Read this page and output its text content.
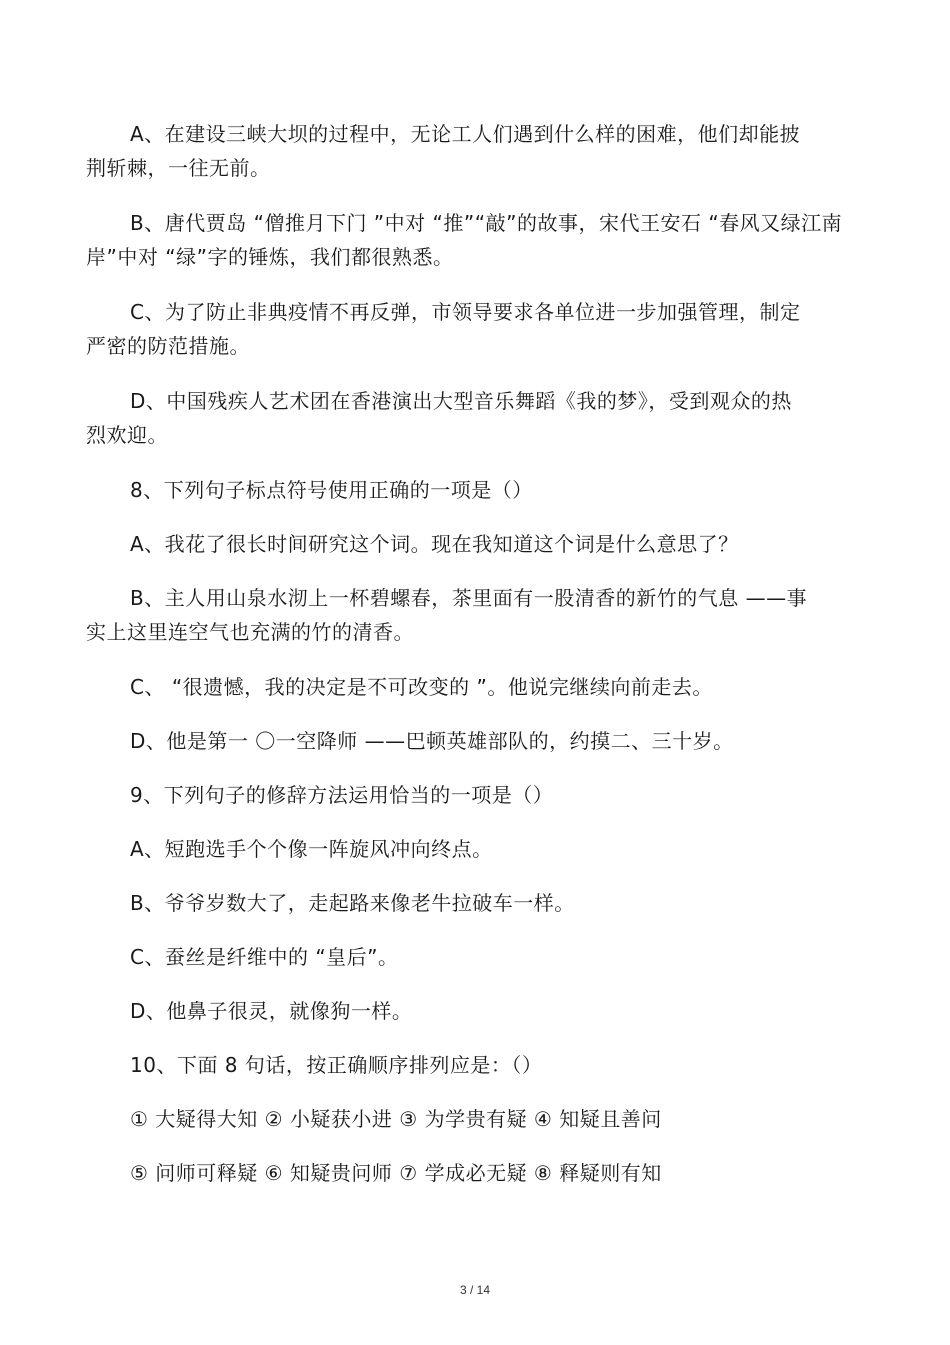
A、在建设三峡大坝的过程中，无论工人们遇到什么样的困难，他们却能披
荆斩棘，一往无前。
B、唐代贾岛 “僧推月下门 ”中对 “推”“敲”的故事，宋代王安石 “春风又绿江南
岸”中对 “绿”字的锤炼，我们都很熟悉。
C、为了防止非典疫情不再反弹，市领导要求各单位进一步加强管理，制定
严密的防范措施。
D、中国残疾人艺术团在香港演出大型音乐舞蹈《我的梦》，受到观众的热
烈欢迎。
8、下列句子标点符号使用正确的一项是（）
A、我花了很长时间研究这个词。现在我知道这个词是什么意思了？
B、主人用山泉水沏上一杯碧螺春，茶里面有一股清香的新竹的气息 ——事
实上这里连空气也充满的竹的清香。
C、 “很遗憾，我的决定是不可改变的 ”。他说完继续向前走去。
D、他是第一 〇一空降师 ——巴顿英雄部队的，约摸二、三十岁。
9、下列句子的修辞方法运用恰当的一项是（）
A、短跑选手个个像一阵旋风冲向终点。
B、爷爷岁数大了，走起路来像老牛拉破车一样。
C、蚕丝是纤维中的 “皇后”。
D、他鼻子很灵，就像狗一样。
10、下面 8 句话，按正确顺序排列应是：（）
① 大疑得大知 ② 小疑获小进 ③ 为学贵有疑 ④ 知疑且善问
⑤ 问师可释疑 ⑥ 知疑贵问师 ⑦ 学成必无疑 ⑧ 释疑则有知
3 / 14
